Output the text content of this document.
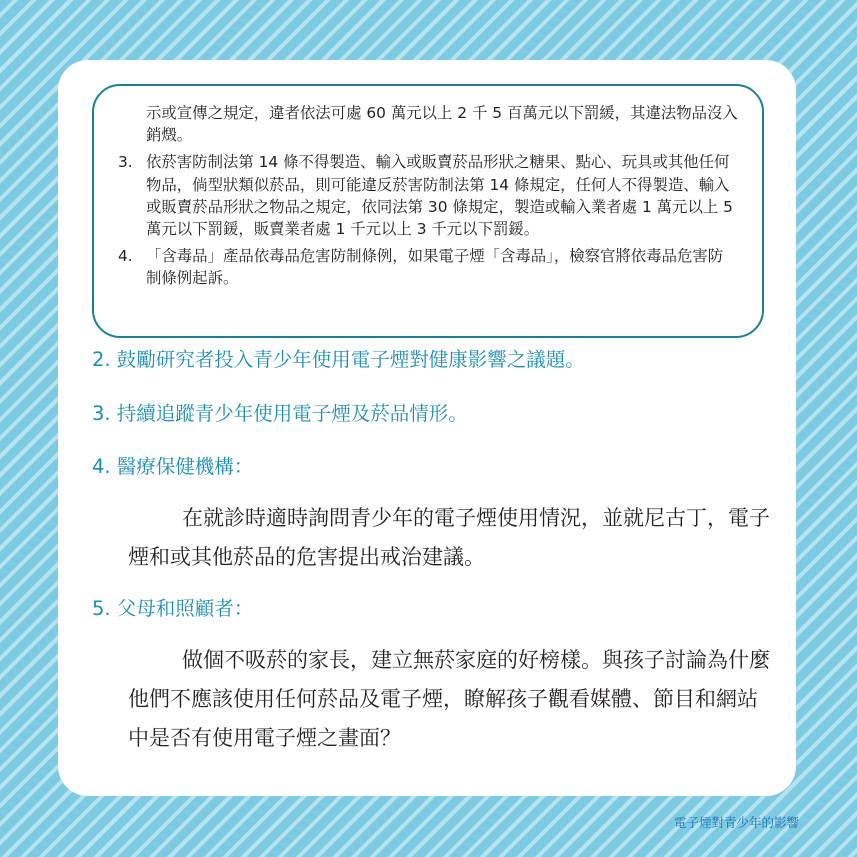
示或宣傳之規定，違者依法可處 60 萬元以上 2 千 5 百萬元以下罰緩，其違法物品沒入銷燬。
3. 依菸害防制法第 14 條不得製造、輸入或販賣菸品形狀之糖果、點心、玩具或其他任何物品，倘型狀類似菸品，則可能違反菸害防制法第 14 條規定，任何人不得製造、輸入或販賣菸品形狀之物品之規定，依同法第 30 條規定，製造或輸入業者處 1 萬元以上 5 萬元以下罰鍰，販賣業者處 1 千元以上 3 千元以下罰鍰。
4. 「含毒品」產品依毒品危害防制條例，如果電子煙「含毒品」，檢察官將依毒品危害防制條例起訴。
2. 鼓勵研究者投入青少年使用電子煙對健康影響之議題。
3. 持續追蹤青少年使用電子煙及菸品情形。
4. 醫療保健機構：

在就診時適時詢問青少年的電子煙使用情況，並就尼古丁，電子煙和或其他菸品的危害提出戒治建議。

5. 父母和照顧者：

做個不吸菸的家長，建立無菸家庭的好榜樣。與孩子討論為什麼他們不應該使用任何菸品及電子煙，瞭解孩子觀看媒體、節目和網站中是否有使用電子煙之畫面？

電子煙對青少年的影響
